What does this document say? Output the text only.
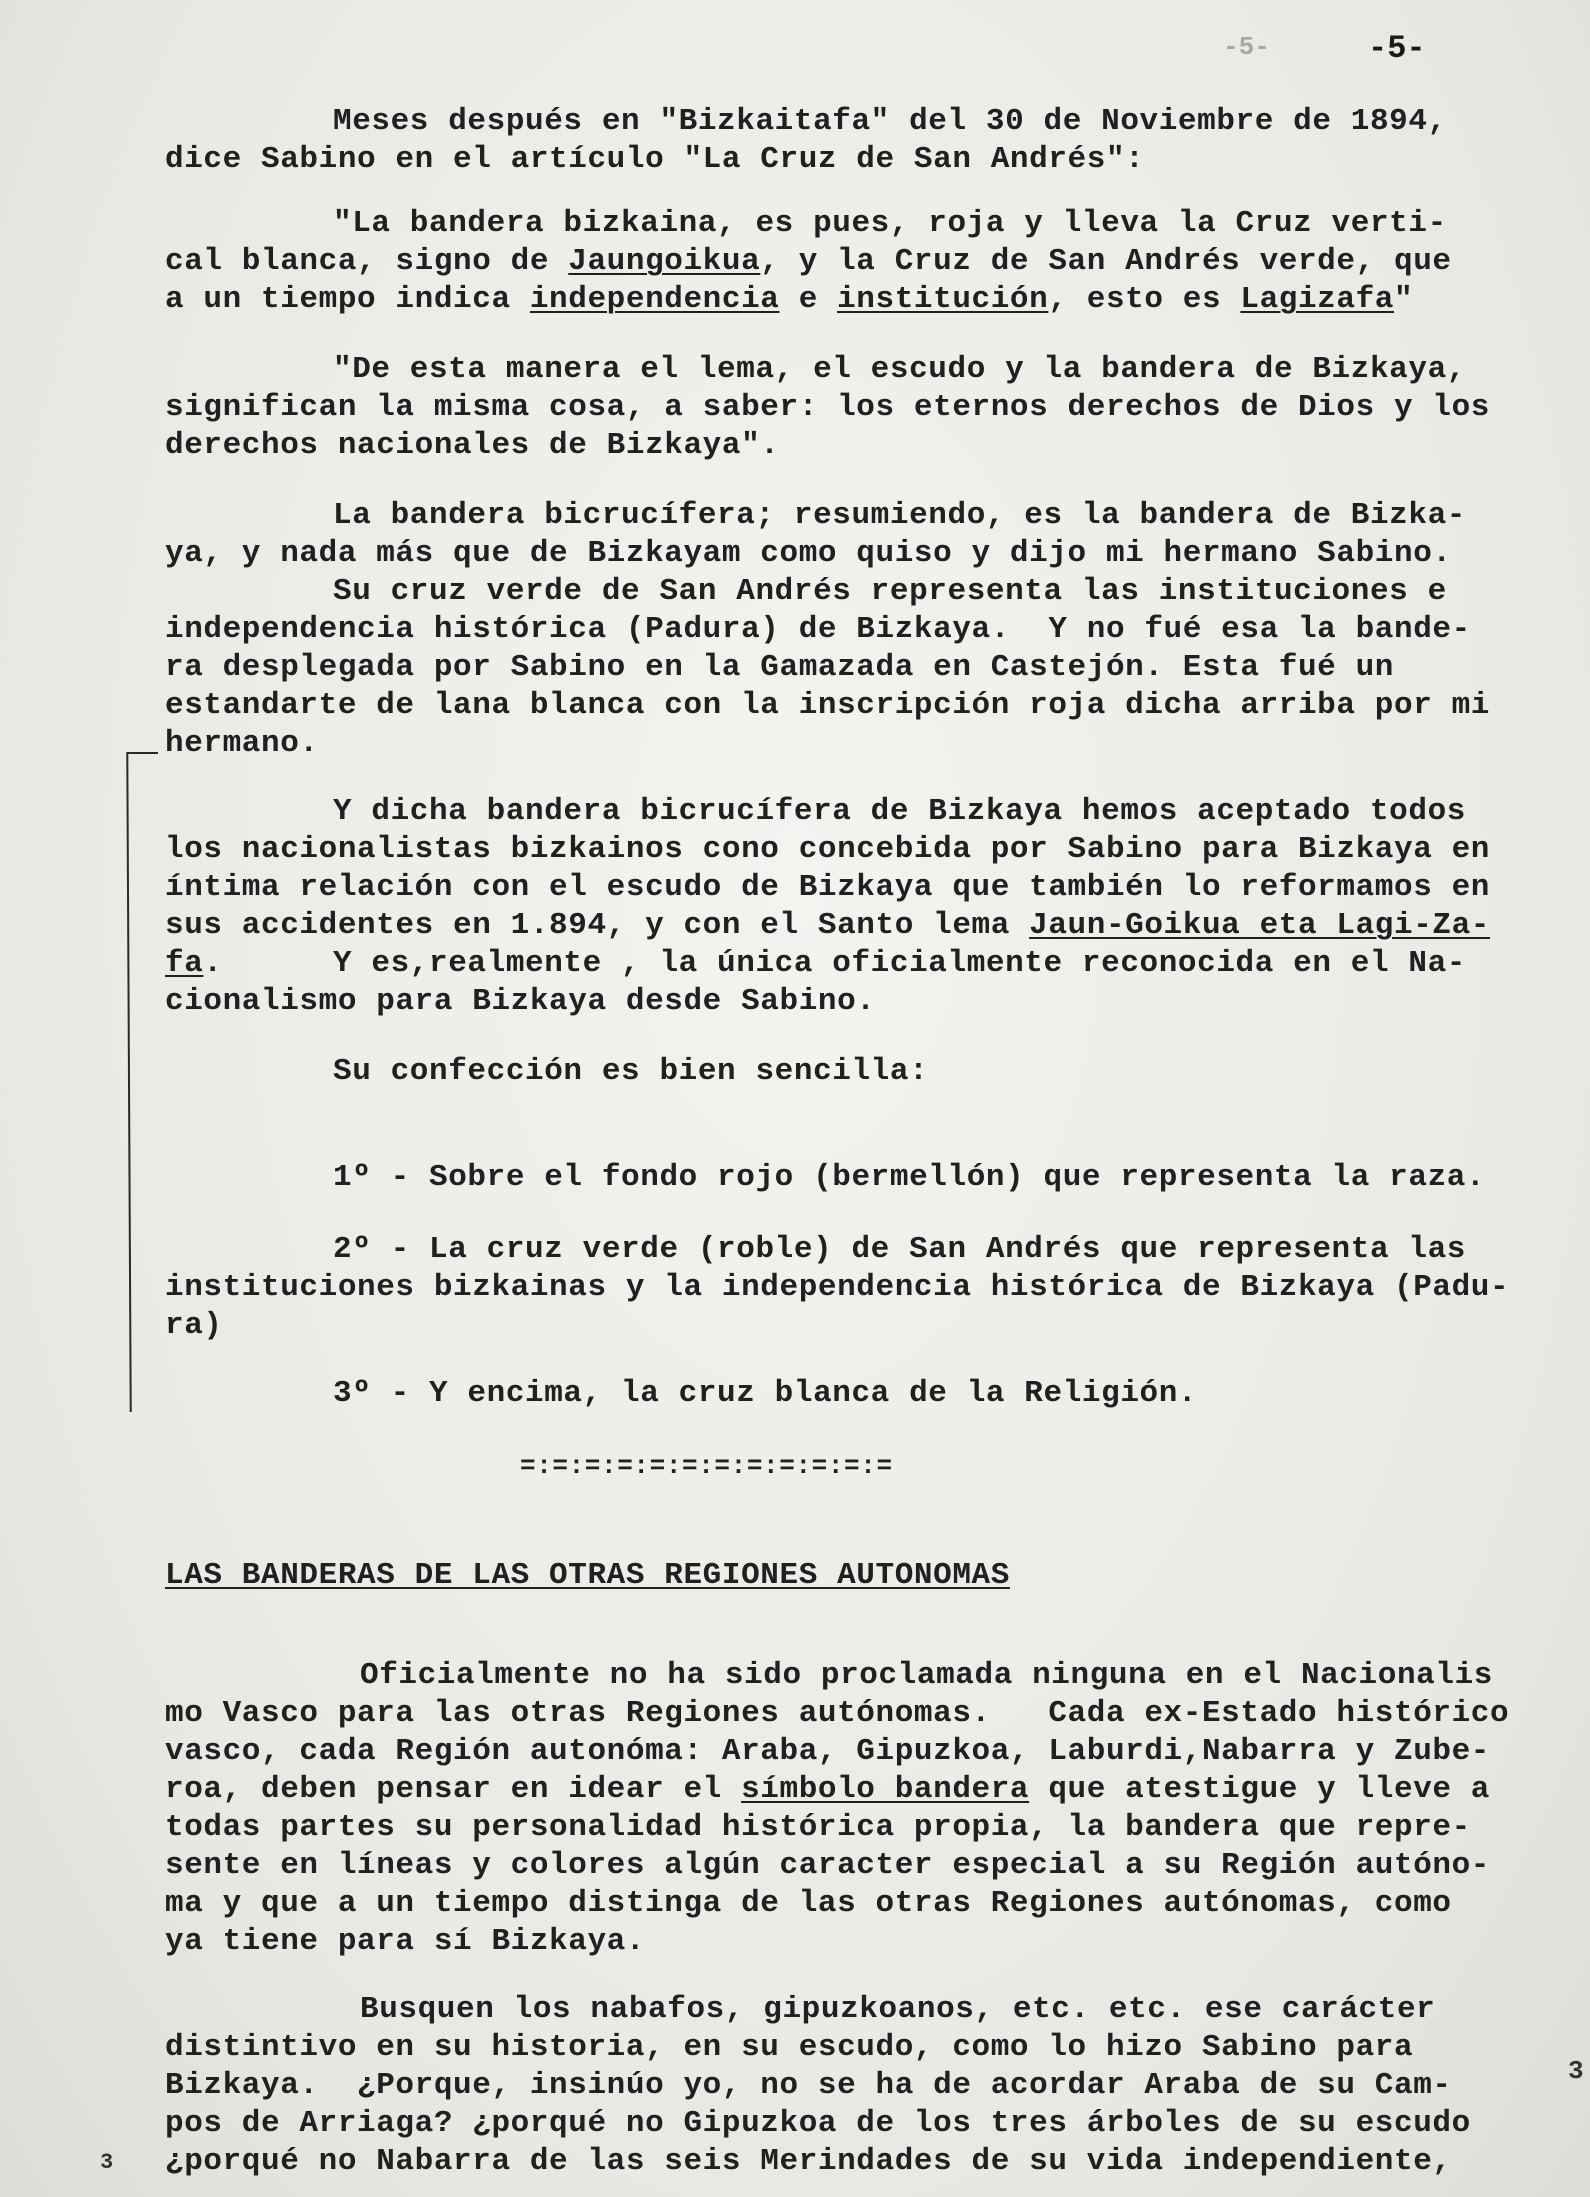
-5-	-5-
Meses después en "Bizkaitafa" del 30 de Noviembre de 1894,
dice Sabino en el artículo "La Cruz de San Andrés":
"La bandera bizkaina, es pues, roja y lleva la Cruz verti-
cal blanca, signo de Jaungoikua, y la Cruz de San Andrés verde, que
a un tiempo indica independencia e institución, esto es Lagizafa"
"De esta manera el lema, el escudo y la bandera de Bizkaya,
significan la misma cosa, a saber: los eternos derechos de Dios y los
derechos nacionales de Bizkaya".
La bandera bicrucífera; resumiendo, es la bandera de Bizka-
ya, y nada más que de Bizkayam como quiso y dijo mi hermano Sabino.
Su cruz verde de San Andrés representa las instituciones e
independencia histórica (Padura) de Bizkaya.  Y no fué esa la bande-
ra desplegada por Sabino en la Gamazada en Castejón. Esta fué un
estandarte de lana blanca con la inscripción roja dicha arriba por mi
hermano.
Y dicha bandera bicrucífera de Bizkaya hemos aceptado todos
los nacionalistas bizkainos cono concebida por Sabino para Bizkaya en
íntima relación con el escudo de Bizkaya que también lo reformamos en
sus accidentes en 1.894, y con el Santo lema Jaun-Goikua eta Lagi-Za-
fa.	Y es,realmente , la única oficialmente reconocida en el Na-
cionalismo para Bizkaya desde Sabino.
Su confección es bien sencilla:
1º - Sobre el fondo rojo (bermellón) que representa la raza.
2º - La cruz verde (roble) de San Andrés que representa las
instituciones bizkainas y la independencia histórica de Bizkaya (Padu-
ra)
3º - Y encima, la cruz blanca de la Religión.
=:=:=:=:=:=:=:=:=:=:=:=
LAS BANDERAS DE LAS OTRAS REGIONES AUTONOMAS
Oficialmente no ha sido proclamada ninguna en el Nacionalis
mo Vasco para las otras Regiones autónomas.   Cada ex-Estado histórico
vasco, cada Región autonóma: Araba, Gipuzkoa, Laburdi,Nabarra y Zube-
roa, deben pensar en idear el símbolo bandera que atestigue y lleve a
todas partes su personalidad histórica propia, la bandera que repre-
sente en líneas y colores algún caracter especial a su Región autóno-
ma y que a un tiempo distinga de las otras Regiones autónomas, como
ya tiene para sí Bizkaya.
Busquen los nabafos, gipuzkoanos, etc. etc. ese carácter
distintivo en su historia, en su escudo, como lo hizo Sabino para
Bizkaya.  ¿Porque, insinúo yo, no se ha de acordar Araba de su Cam-
pos de Arriaga? ¿porqué no Gipuzkoa de los tres árboles de su escudo
¿porqué no Nabarra de las seis Merindades de su vida independiente,
3
3
